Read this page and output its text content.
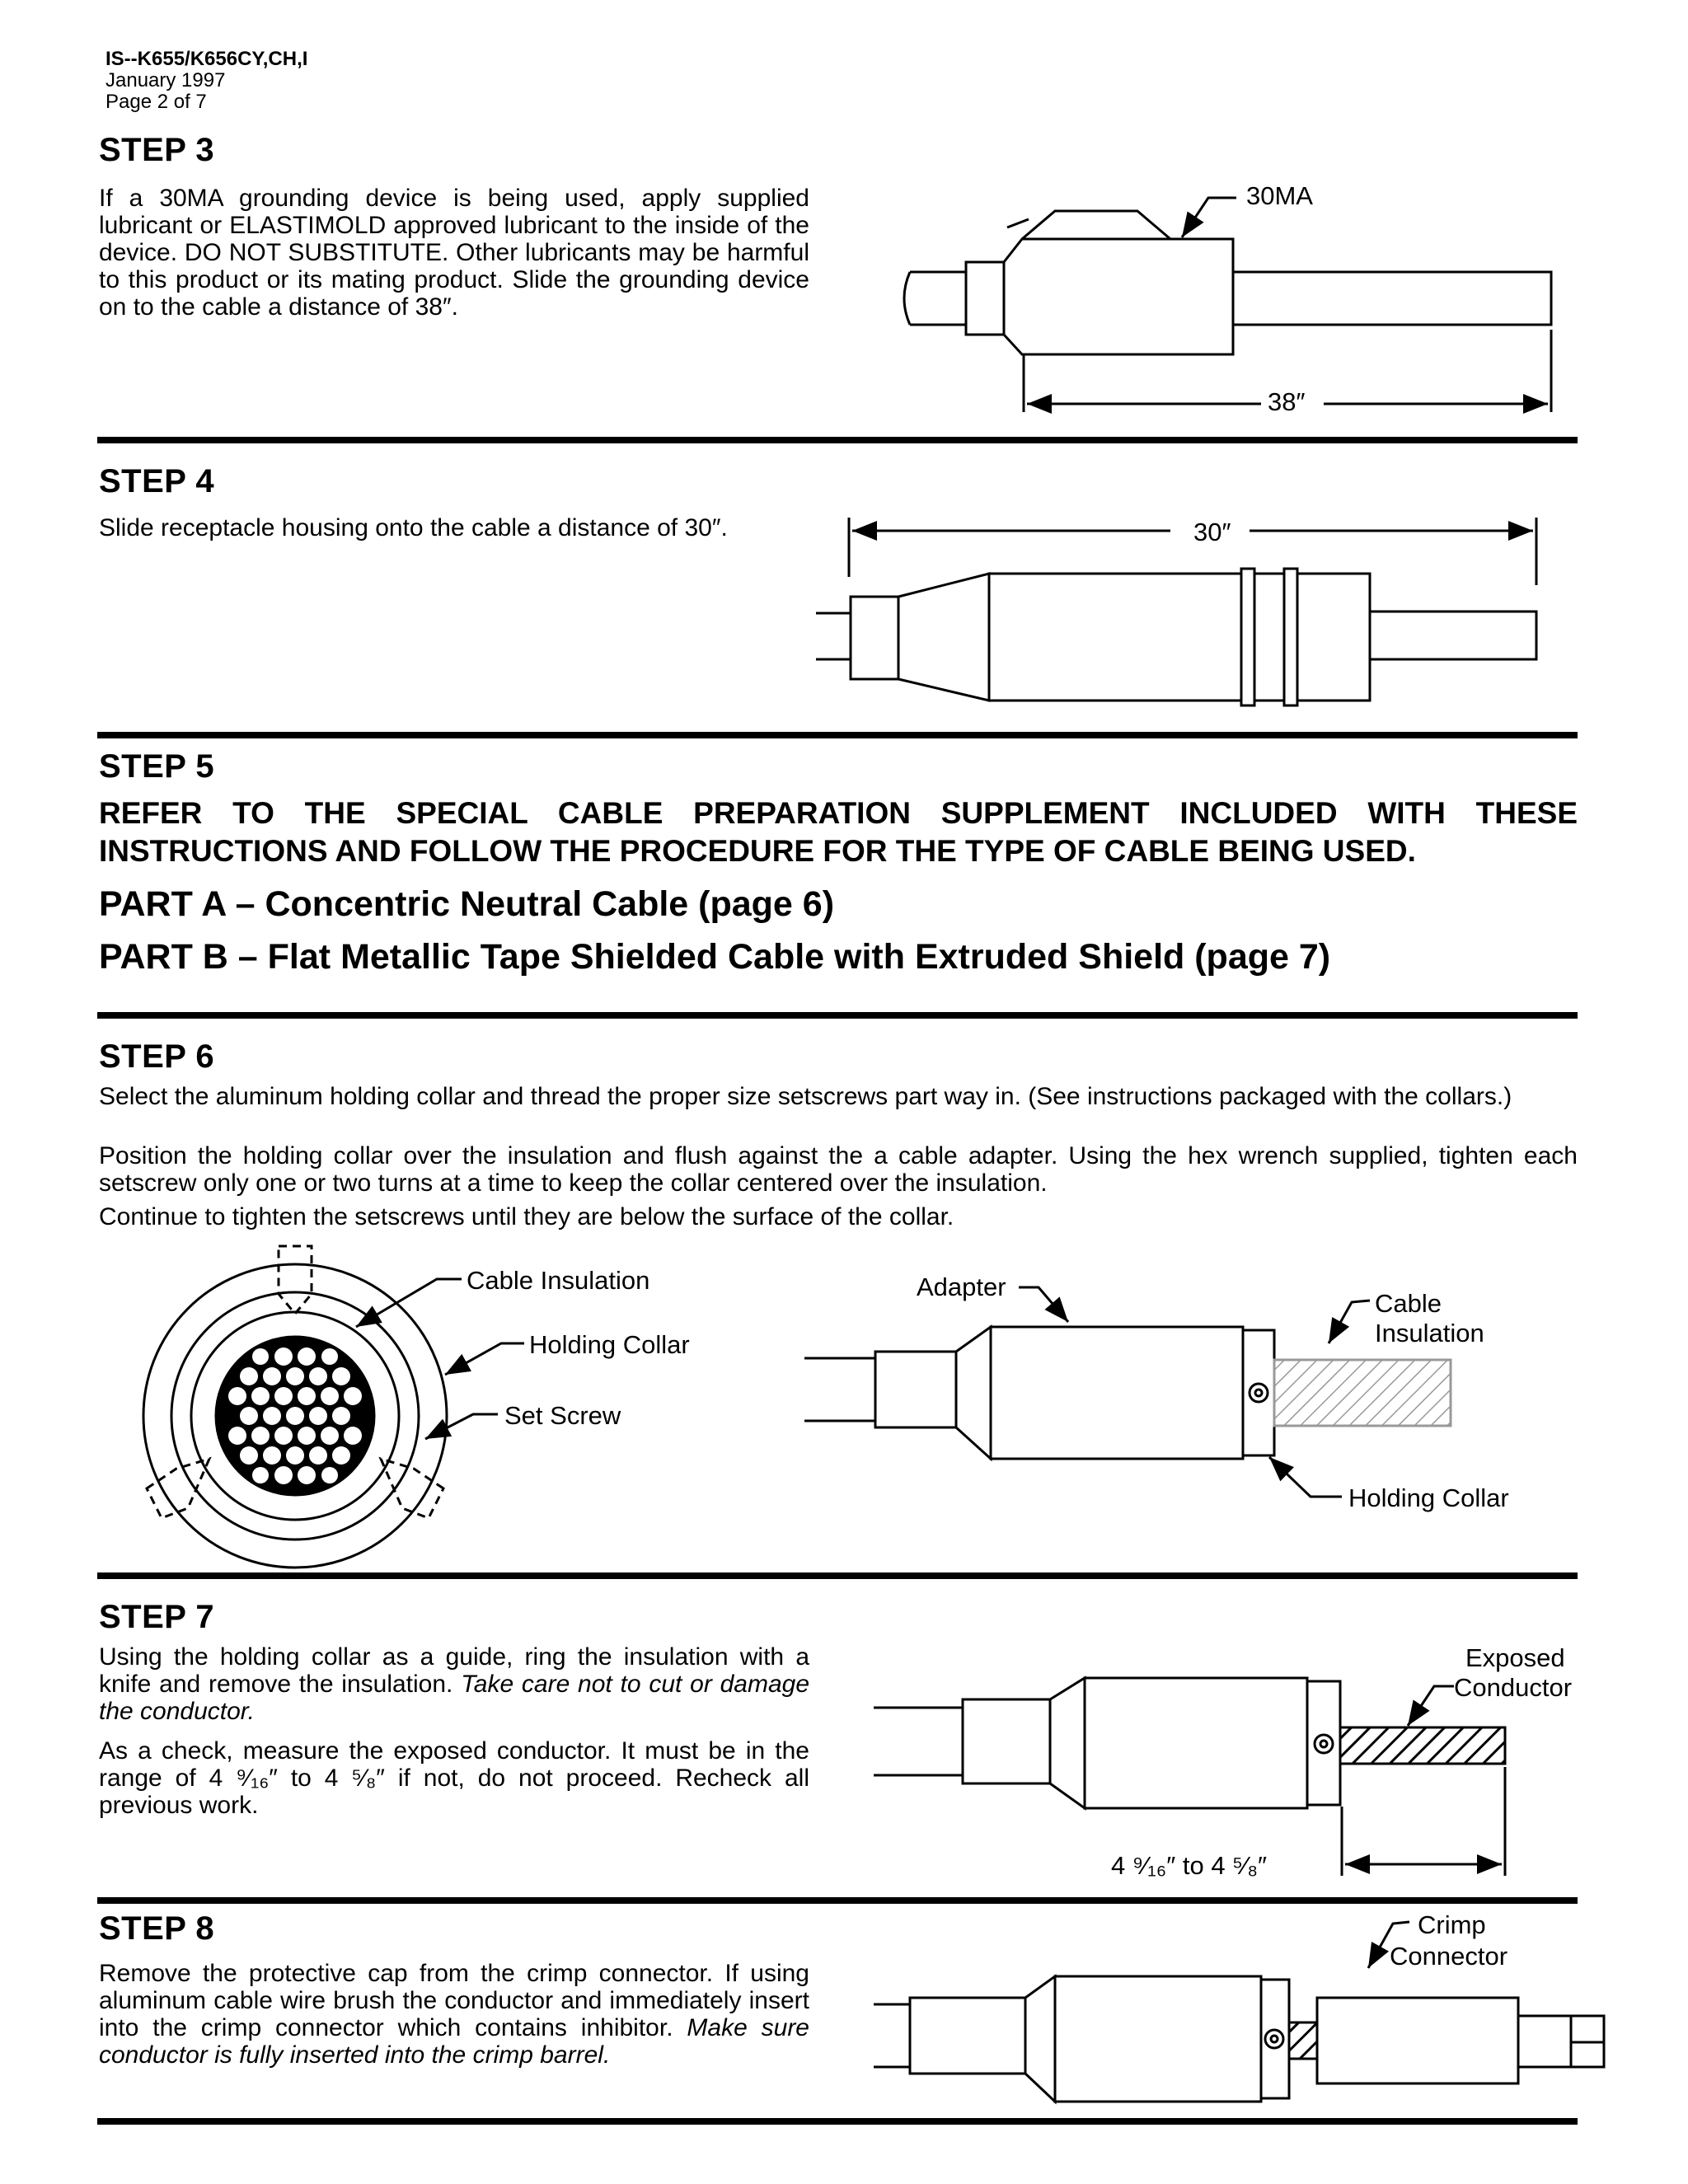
IS--K655/K656CY,CH,I
January 1997
Page 2 of 7
STEP 3
If a 30MA grounding device is being used, apply supplied lubricant or ELASTIMOLD approved lubricant to the inside of the device. DO NOT SUBSTITUTE. Other lubricants may be harmful to this product or its mating product. Slide the grounding device on to the cable a distance of 38″.
30MA
38″
STEP 4
Slide receptacle housing onto the cable a distance of 30″.	30″
STEP 5
REFER TO THE SPECIAL CABLE PREPARATION SUPPLEMENT INCLUDED WITH THESE
INSTRUCTIONS AND FOLLOW THE PROCEDURE FOR THE TYPE OF CABLE BEING USED.
PART A – Concentric Neutral Cable (page 6)
PART B – Flat Metallic Tape Shielded Cable with Extruded Shield (page 7)
STEP 6
Select the aluminum holding collar and thread the proper size setscrews part way in. (See instructions packaged with the collars.)
Position the holding collar over the insulation and flush against the a cable adapter. Using the hex wrench supplied, tighten each setscrew only one or two turns at a time to keep the collar centered over the insulation.
Continue to tighten the setscrews until they are below the surface of the collar.
Cable Insulation
Holding Collar
Set Screw
Adapter
Cable
Insulation
Holding Collar
STEP 7
Using the holding collar as a guide, ring the insulation with a knife and remove the insulation. Take care not to cut or damage the conductor.
As a check, measure the exposed conductor. It must be in the range of 4 ⁹⁄₁₆″ to 4 ⁵⁄₈″ if not, do not proceed. Recheck all previous work.
Exposed
Conductor
4 ⁹⁄₁₆″ to 4 ⁵⁄₈″
STEP 8
Remove the protective cap from the crimp connector. If using aluminum cable wire brush the conductor and immediately insert into the crimp connector which contains inhibitor. Make sure conductor is fully inserted into the crimp barrel.
Crimp
Connector
